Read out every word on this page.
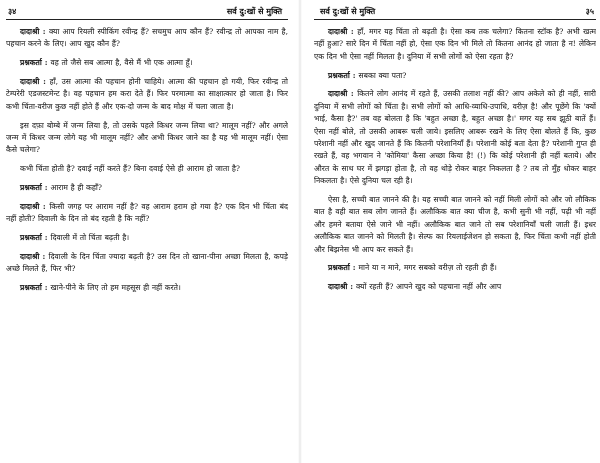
३४	सर्व दु:खों से मुक्ति

दादाश्री : क्या आप रियली स्पीकिंग रवीन्द्र हैं? सचमुच आप कौन हैं? रवीन्द्र तो आपका नाम है, पहचान करने के लिए। आप खुद कौन हैं?

प्रश्नकर्ता : वह तो जैसे सब आत्मा है, वैसे मैं भी एक आत्मा हूँ।

दादाश्री : हाँ, उस आत्मा की पहचान होनी चाहिये। आत्मा की पहचान हो गयी, फिर रवीन्द्र तो टेम्परेरी एडजस्टमेन्ट है। वह पहचान हम करा देते हैं। फिर परमात्मा का साक्षात्कार हो जाता है। फिर कभी चिंता-वरीज कुछ नहीं होते हैं और एक-दो जन्म के बाद मोक्ष में चला जाता है।

इस दफ़ा बोम्बे में जन्म लिया है, तो उसके पहले किधर जन्म लिया था? मालूम नहीं? और अगले जन्म में किधर जन्म लोगे यह भी मालूम नहीं? और अभी किधर जाने का है यह भी मालूम नहीं। ऐसा कैसे चलेगा?

कभी चिंता होती है? दवाई नहीं करते हैं? बिना दवाई ऐसे ही आराम हो जाता है?

प्रश्नकर्ता : आराम है ही कहाँ?

दादाश्री : किसी जगह पर आराम नहीं है? वह आराम हराम हो गया है? एक दिन भी चिंता बंद नहीं होती? दिवाली के दिन तो बंद रहती है कि नहीं?

प्रश्नकर्ता : दिवाली में तो चिंता बढ़ती है।

दादाश्री : दिवाली के दिन चिंता ज्यादा बढ़ती है? उस दिन तो खाना-पीना अच्छा मिलता है, कपड़े अच्छे मिलते हैं, फिर भी?

प्रश्नकर्ता : खाने-पीने के लिए तो हम महसूस ही नहीं करते।

सर्व दु:खों से मुक्ति	३५

दादाश्री : हाँ, मगर यह चिंता तो बढ़ती है। ऐसा कब तक चलेगा? कितना स्टॉक है? अभी खत्म नहीं हुआ? सारे दिन में चिंता नहीं हो, ऐसा एक दिन भी मिले तो कितना आनंद हो जाता है न! लेकिन एक दिन भी ऐसा नहीं मिलता है। दुनिया में सभी लोगों को ऐसा रहता है?

प्रश्नकर्ता : सबका क्या पता?

दादाश्री : कितने लोग आनंद में रहते हैं, उसकी तलाश नहीं की? आप अकेले को ही नहीं, सारी दुनिया में सभी लोगों को चिंता है। सभी लोगों को आधि-व्याधि-उपाधि, वरीज़ है! और पूछेंगे कि 'क्यों भाई, कैसा है?' तब वह बोलता है कि 'बहुत अच्छा है, बहुत अच्छा है।' मगर यह सब झूठी बातें हैं। ऐसा नहीं बोले, तो उसकी आबरू चली जाये। इसलिए आबरू रखने के लिए ऐसा बोलते हैं कि, कुछ परेशानी नहीं और खुद जानते हैं कि कितनी परेशानियाँ हैं। परेशानी कोई बता देता है? परेशानी गुप्त ही रखते हैं, वह भगवान ने 'कोमिया' कैसा अच्छा किया है! (!) कि कोई परेशानी ही नहीं बताये। और औरत के साथ घर में झगड़ा होता है, तो वह थोड़े रोकर बाहर निकलता है ? तब तो मुँह धोकर बाहर निकलता है। ऐसे दुनिया चल रही है।

ऐसा है, सच्ची बात जानने की है। यह सच्ची बात जानने को नहीं मिली लोगों को और जो लौकिक बात है वही बात सब लोग जानते हैं। अलौकिक बात क्या चीज है, कभी सुनी भी नहीं, पढ़ी भी नहीं और हमने बताया ऐसे जाने भी नहीं। अलौकिक बात जाने तो सब परेशानियाँ चली जाती हैं। इधर अलौकिक बात जानने को मिलती है। सेल्फ का रियलाईजेशन हो सकता है, फिर चिंता कभी नहीं होती और बिझनेस भी आप कर सकते हैं।

प्रश्नकर्ता : माने या न माने, मगर सबको वरीज़ तो रहती ही हैं।

दादाश्री : क्यों रहती हैं? आपने खुद को पहचाना नहीं और आप
